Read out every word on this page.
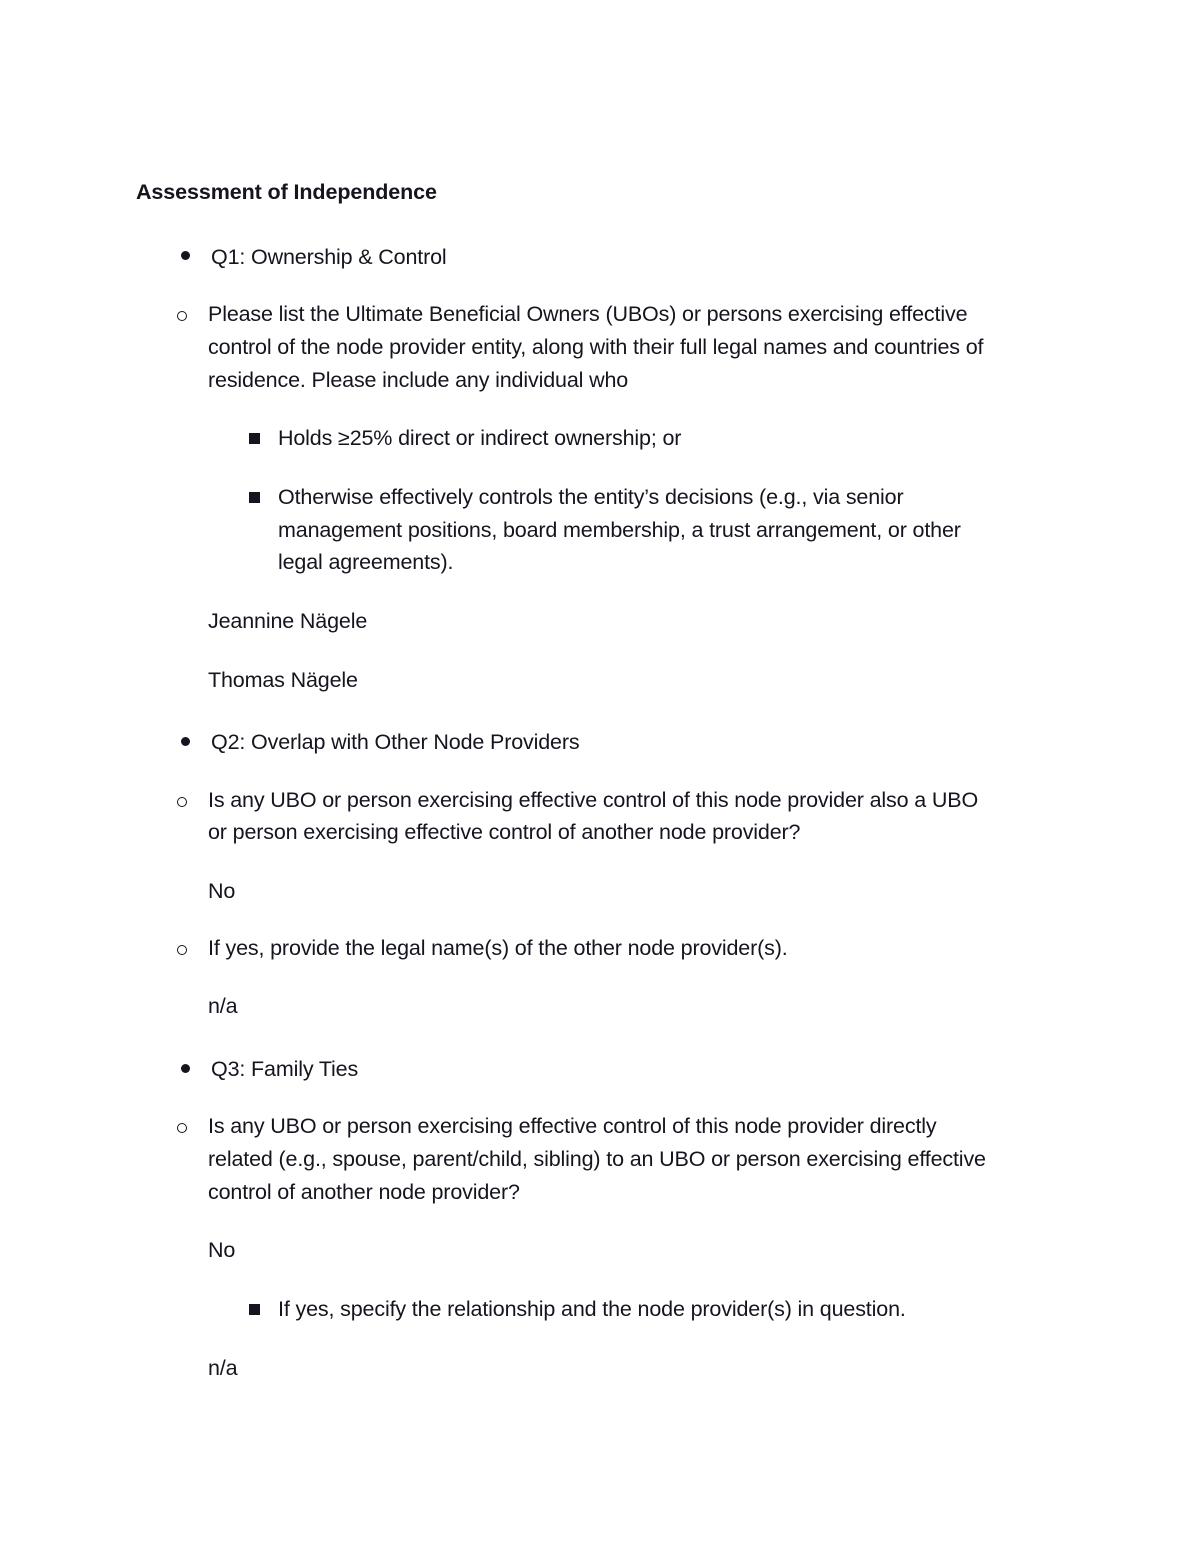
Assessment of Independence
Q1: Ownership & Control
Please list the Ultimate Beneficial Owners (UBOs) or persons exercising effective control of the node provider entity, along with their full legal names and countries of residence. Please include any individual who
Holds ≥25% direct or indirect ownership; or
Otherwise effectively controls the entity’s decisions (e.g., via senior management positions, board membership, a trust arrangement, or other legal agreements).
Jeannine Nägele
Thomas Nägele
Q2: Overlap with Other Node Providers
Is any UBO or person exercising effective control of this node provider also a UBO or person exercising effective control of another node provider?
No
If yes, provide the legal name(s) of the other node provider(s).
n/a
Q3: Family Ties
Is any UBO or person exercising effective control of this node provider directly related (e.g., spouse, parent/child, sibling) to an UBO or person exercising effective control of another node provider?
No
If yes, specify the relationship and the node provider(s) in question.
n/a
